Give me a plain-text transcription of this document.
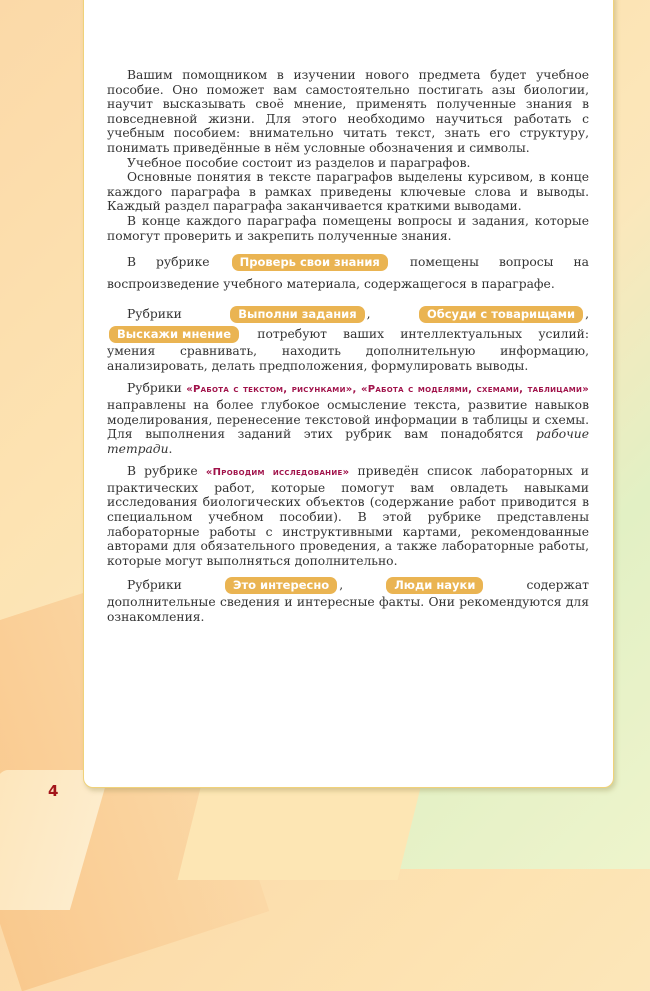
Вашим помощником в изучении нового предмета будет учебное пособие. Оно поможет вам самостоятельно постигать азы биологии, научит высказывать своё мнение, применять полученные знания в повседневной жизни. Для этого необходимо научиться работать с учебным пособием: внимательно читать текст, знать его структуру, понимать приведённые в нём условные обозначения и символы.

Учебное пособие состоит из разделов и параграфов.

Основные понятия в тексте параграфов выделены курсивом, в конце каждого параграфа в рамках приведены ключевые слова и выводы. Каждый раздел параграфа заканчивается краткими выводами.

В конце каждого параграфа помещены вопросы и задания, которые помогут проверить и закрепить полученные знания.

В рубрике	Проверь свои знания помещены вопросы на воспроизведение учебного материала, содержащегося в параграфе.

Рубрики	Выполни задания ,	Обсуди с товарищами , Выскажи мнение потребуют ваших интеллектуальных усилий: умения сравнивать, находить дополнительную информацию, анализировать, делать предположения, формулировать выводы.

Рубрики «Работа с текстом, рисунками», «Работа с моделями, схемами, таблицами» направлены на более глубокое осмысление текста, развитие навыков моделирования, перенесение текстовой информации в таблицы и схемы. Для выполнения заданий этих рубрик вам понадобятся рабочие тетради.

В рубрике «Проводим исследование» приведён список лабораторных и практических работ, которые помогут вам овладеть навыками исследования биологических объектов (содержание работ приводится в специальном учебном пособии). В этой рубрике представлены лабораторные работы с инструктивными картами, рекомендованные авторами для обязательного проведения, а также лабораторные работы, которые могут выполняться дополнительно.

Рубрики	Это интересно ,	Люди науки	содержат дополнительные сведения и интересные факты. Они рекомендуются для ознакомления.

4
